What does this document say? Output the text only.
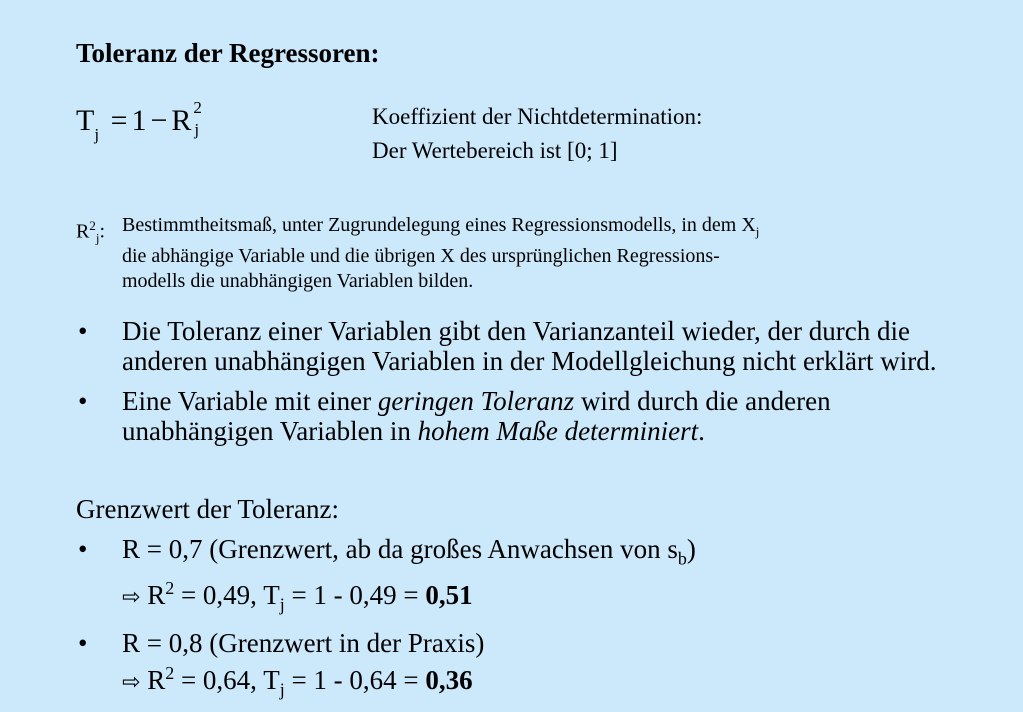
Toleranz der Regressoren:
$T_j = 1 - R$ 2
j
Koeffizient der Nichtdetermination:
Der Wertebereich ist [0; 1]
$R^2_j$: Bestimmtheitsmaß, unter Zugrundelegung eines Regressionsmodells, in dem $X_j$
die abhängige Variable und die übrigen X des ursprünglichen Regressions-
modells die unabhängigen Variablen bilden.
• Die Toleranz einer Variablen gibt den Varianzanteil wieder, der durch die anderen unabhängigen Variablen in der Modellgleichung nicht erklärt wird.
• Eine Variable mit einer geringen Toleranz wird durch die anderen unabhängigen Variablen in hohem Maße determiniert.
Grenzwert der Toleranz:
• R = 0,7 (Grenzwert, ab da großes Anwachsen von $s_b$)
⇨ $R^2 = 0,49$, $T_j = 1 - 0,49 = 0,51$
• R = 0,8 (Grenzwert in der Praxis)
⇨ $R^2 = 0,64$, $T_j = 1 - 0,64 = 0,36$
